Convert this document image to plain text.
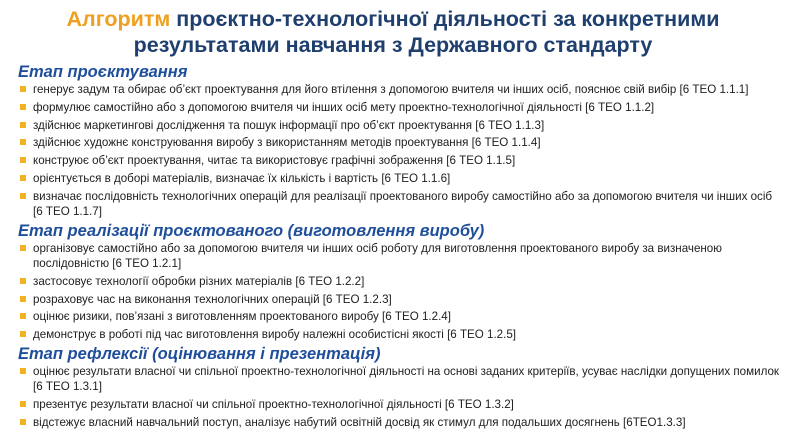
Алгоритм проєктно-технологічної діяльності за конкретними
результатами навчання з Державного стандарту
Етап проєктування
генерує задум та обирає об’єкт проектування для його втілення з допомогою вчителя чи інших осіб, пояснює свій вибір [6 ТЕО 1.1.1]
формулює самостійно або з допомогою вчителя чи інших осіб мету проектно-технологічної діяльності [6 ТЕО 1.1.2]
здійснює маркетингові дослідження та пошук інформації про об’єкт проектування [6 ТЕО 1.1.3]
здійснює художнє конструювання виробу з використанням методів проектування [6 ТЕО 1.1.4]
конструює об’єкт проектування, читає та використовує графічні зображення [6 ТЕО 1.1.5]
орієнтується в доборі матеріалів, визначає їх кількість і вартість [6 ТЕО 1.1.6]
визначає послідовність технологічних операцій для реалізації проектованого виробу самостійно або за допомогою вчителя чи інших осіб [6 ТЕО 1.1.7]
Етап реалізації проєктованого (виготовлення виробу)
організовує самостійно або за допомогою вчителя чи інших осіб роботу для виготовлення проектованого виробу за визначеною послідовністю [6 ТЕО 1.2.1]
застосовує технології обробки різних матеріалів [6 ТЕО 1.2.2]
розраховує час на виконання технологічних операцій [6 ТЕО 1.2.3]
оцінює ризики, пов’язані з виготовленням проектованого виробу [6 ТЕО 1.2.4]
демонструє в роботі під час виготовлення виробу належні особистісні якості [6 ТЕО 1.2.5]
Етап рефлексії (оцінювання і презентація)
оцінює результати власної чи спільної проектно-технологічної діяльності на основі заданих критеріїв, усуває наслідки допущених помилок [6 ТЕО 1.3.1]
презентує результати власної чи спільної проектно-технологічної діяльності [6 ТЕО 1.3.2]
відстежує власний навчальний поступ, аналізує набутий освітній досвід як стимул для подальших досягнень [6ТЕО1.3.3]
